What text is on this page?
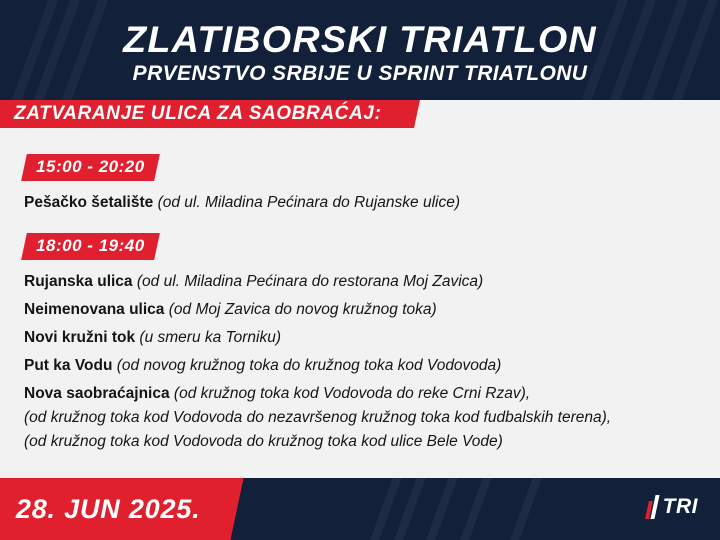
ZLATIBORSKI TRIATLON
PRVENSTVO SRBIJE U SPRINT TRIATLONU
ZATVARANJE ULICA ZA SAOBRAĆAJ:
15:00 - 20:20
Pešačko šetalište (od ul. Miladina Pećinara do Rujanske ulice)
18:00 - 19:40
Rujanska ulica (od ul. Miladina Pećinara do restorana Moj Zavica)
Neimenovana ulica (od Moj Zavica do novog kružnog toka)
Novi kružni tok (u smeru ka Torniku)
Put ka Vodu (od novog kružnog toka do kružnog toka kod Vodovoda)
Nova saobraćajnica (od kružnog toka kod Vodovoda do reke Crni Rzav),
(od kružnog toka kod Vodovoda do nezavršenog kružnog toka kod fudbalskih terena),
(od kružnog toka kod Vodovoda do kružnog toka kod ulice Bele Vode)
28. JUN 2025.	TRI
